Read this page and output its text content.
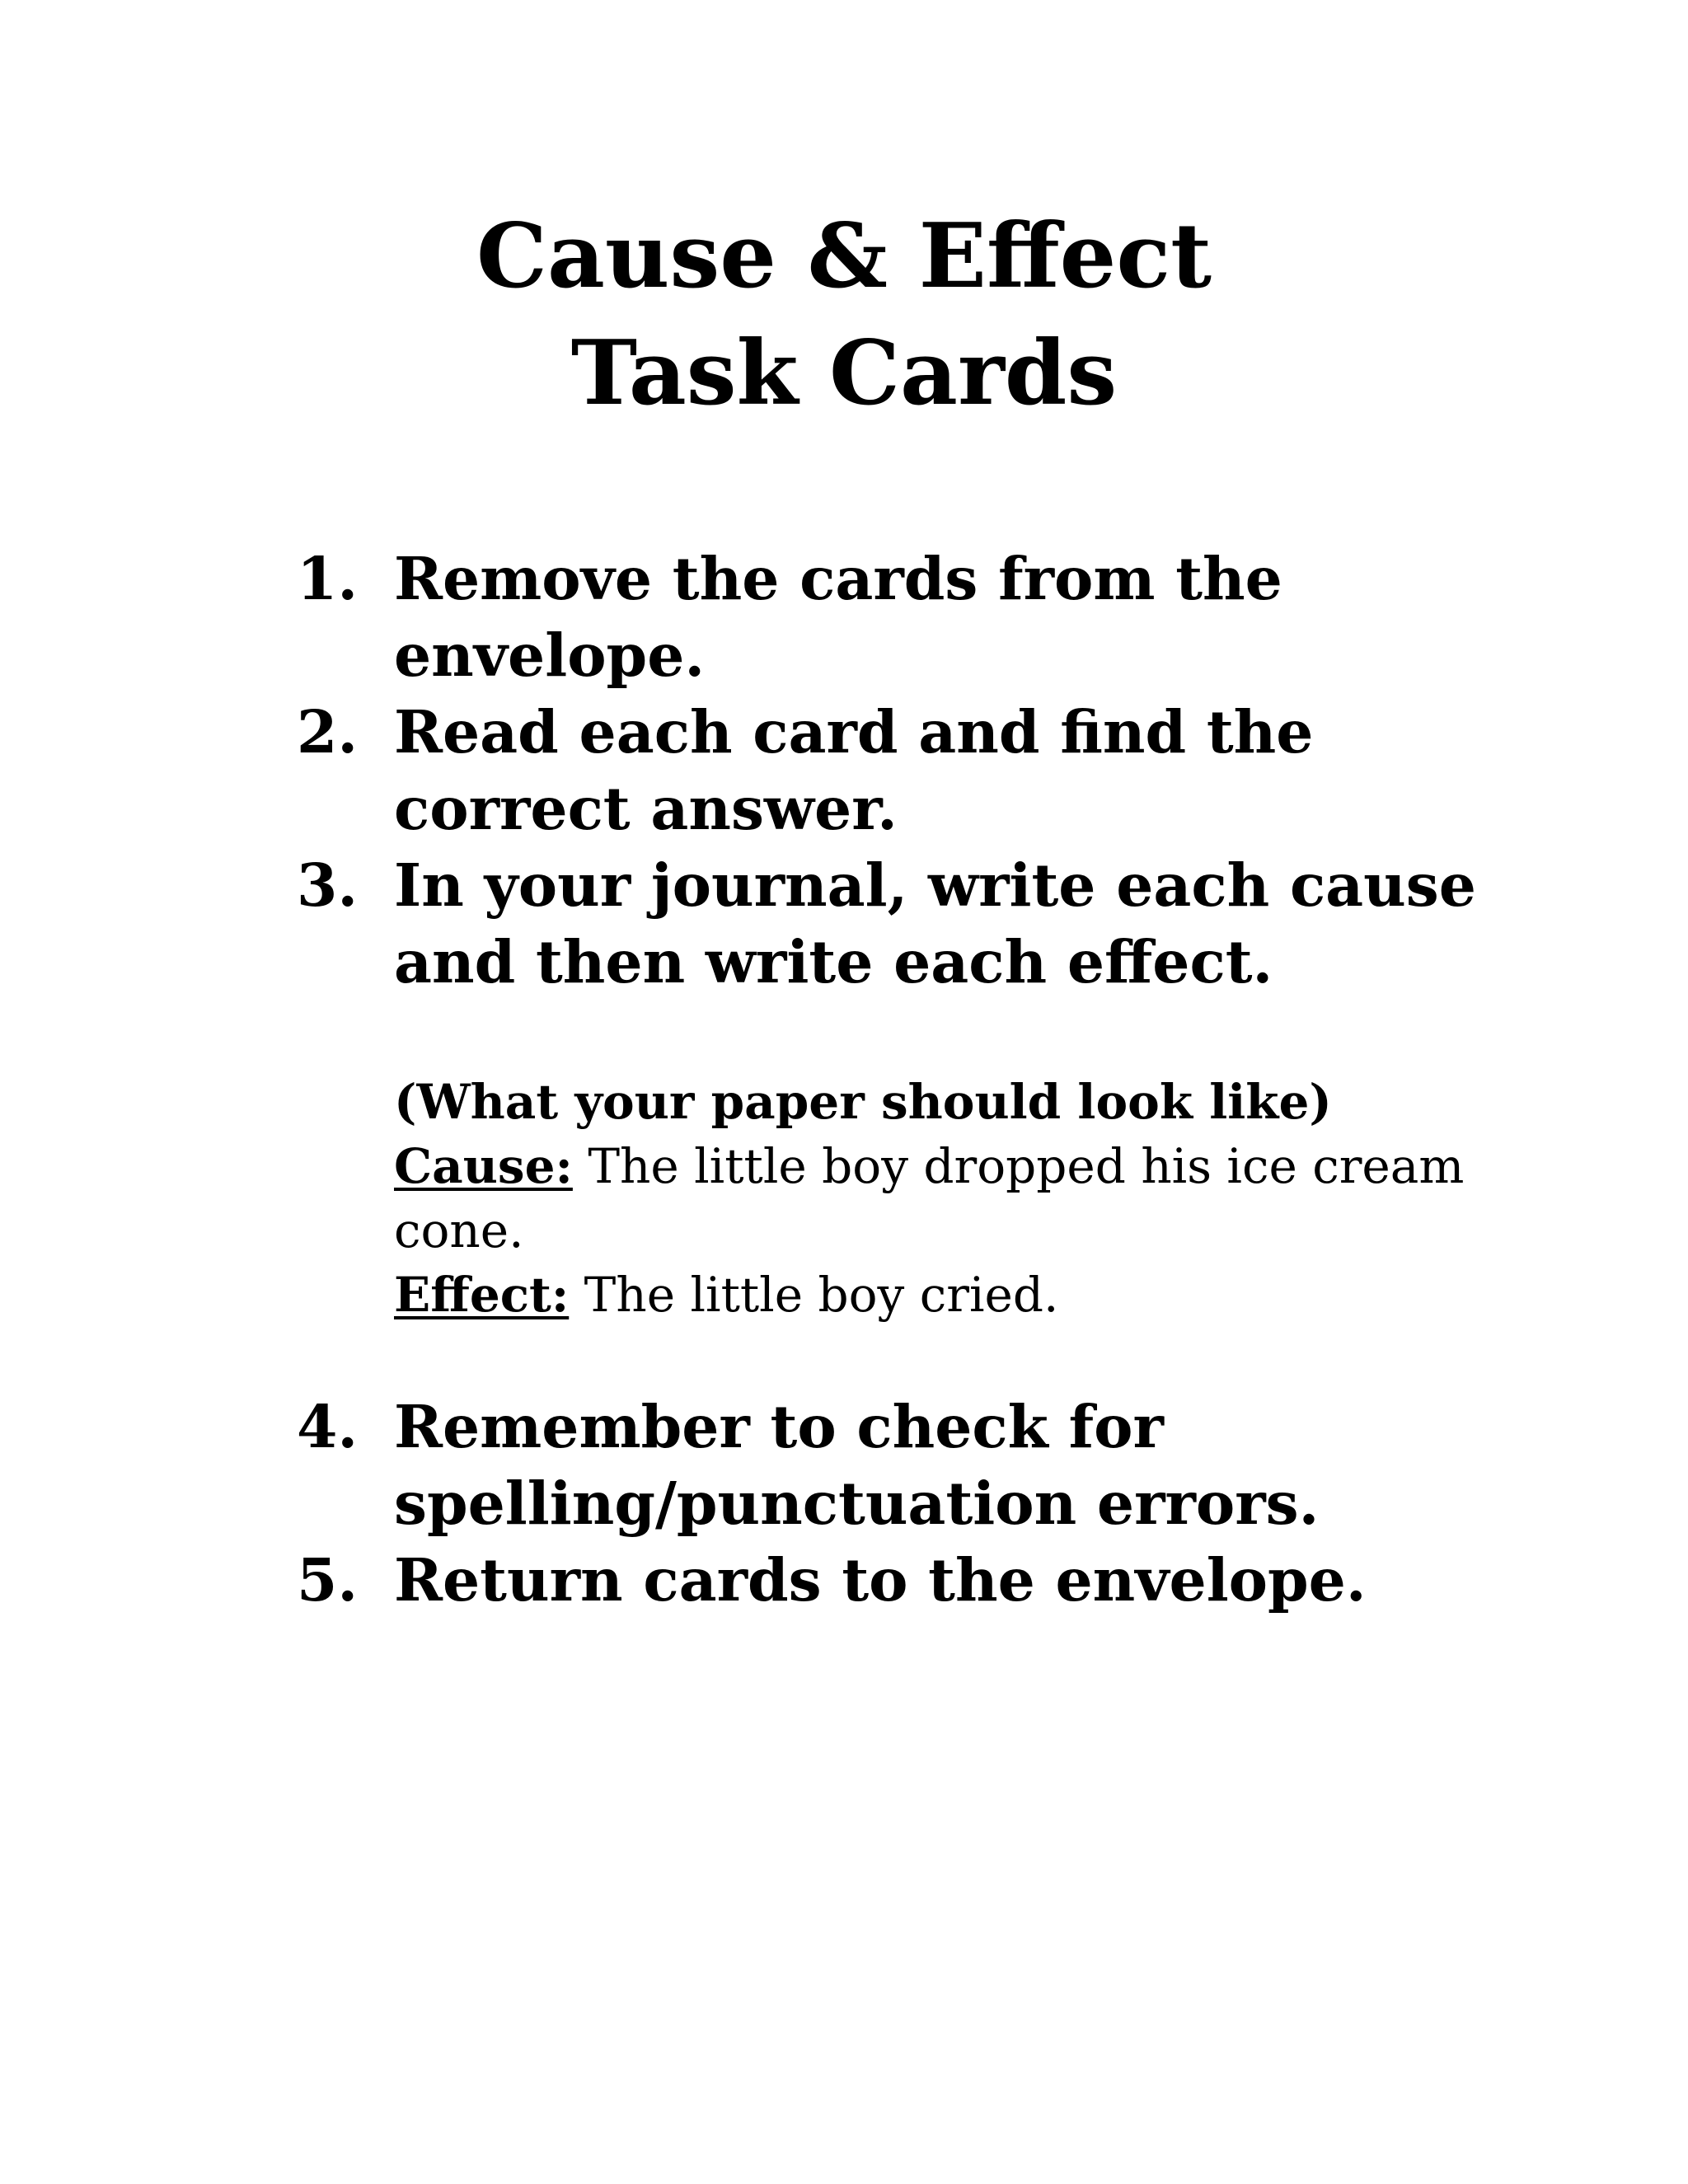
Cause & Effect
Task Cards
1. Remove the cards from the
envelope.
2. Read each card and find the
correct answer.
3. In your journal, write each cause
and then write each effect.
(What your paper should look like)
Cause: The little boy dropped his ice cream
cone.
Effect: The little boy cried.
4. Remember to check for
spelling/punctuation errors.
5. Return cards to the envelope.
